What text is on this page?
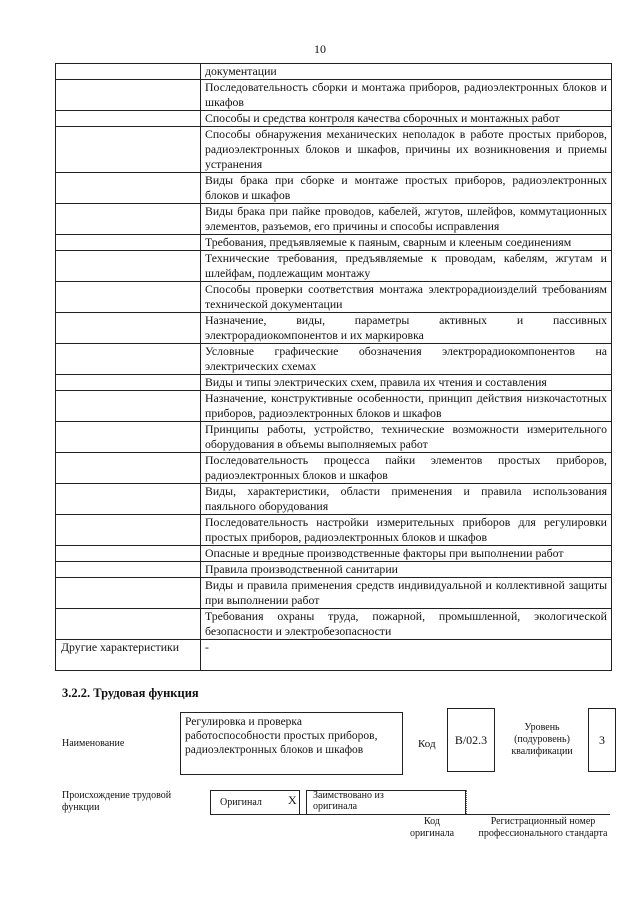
10
	документации
	Последовательность сборки и монтажа приборов, радиоэлектронных блоков и шкафов
	Способы и средства контроля качества сборочных и монтажных работ
	Способы обнаружения механических неполадок в работе простых приборов, радиоэлектронных блоков и шкафов, причины их возникновения и приемы устранения
	Виды брака при сборке и монтаже простых приборов, радиоэлектронных блоков и шкафов
	Виды брака при пайке проводов, кабелей, жгутов, шлейфов, коммутационных элементов, разъемов, его причины и способы исправления
	Требования, предъявляемые к паяным, сварным и клееным соединениям
	Технические требования, предъявляемые к проводам, кабелям, жгутам и шлейфам, подлежащим монтажу
	Способы проверки соответствия монтажа электрорадиоизделий требованиям технической документации
	Назначение, виды, параметры активных и пассивных электрорадиокомпонентов и их маркировка
	Условные графические обозначения электрорадиокомпонентов на электрических схемах
	Виды и типы электрических схем, правила их чтения и составления
	Назначение, конструктивные особенности, принцип действия низкочастотных приборов, радиоэлектронных блоков и шкафов
	Принципы работы, устройство, технические возможности измерительного оборудования в объемы выполняемых работ
	Последовательность процесса пайки элементов простых приборов, радиоэлектронных блоков и шкафов
	Виды, характеристики, области применения и правила использования паяльного оборудования
	Последовательность настройки измерительных приборов для регулировки простых приборов, радиоэлектронных блоков и шкафов
	Опасные и вредные производственные факторы при выполнении работ
	Правила производственной санитарии
	Виды и правила применения средств индивидуальной и коллективной защиты при выполнении работ
	Требования охраны труда, пожарной, промышленной, экологической безопасности и электробезопасности
Другие характеристики	-
3.2.2. Трудовая функция
Наименование
Регулировка и проверка работоспособности простых приборов, радиоэлектронных блоков и шкафов	Код	B/02.3
Уровень (подуровень) квалификации
3
Происхождение трудовой функции	Оригинал X Заимствовано из оригинала
Код оригинала
Регистрационный номер профессионального стандарта
